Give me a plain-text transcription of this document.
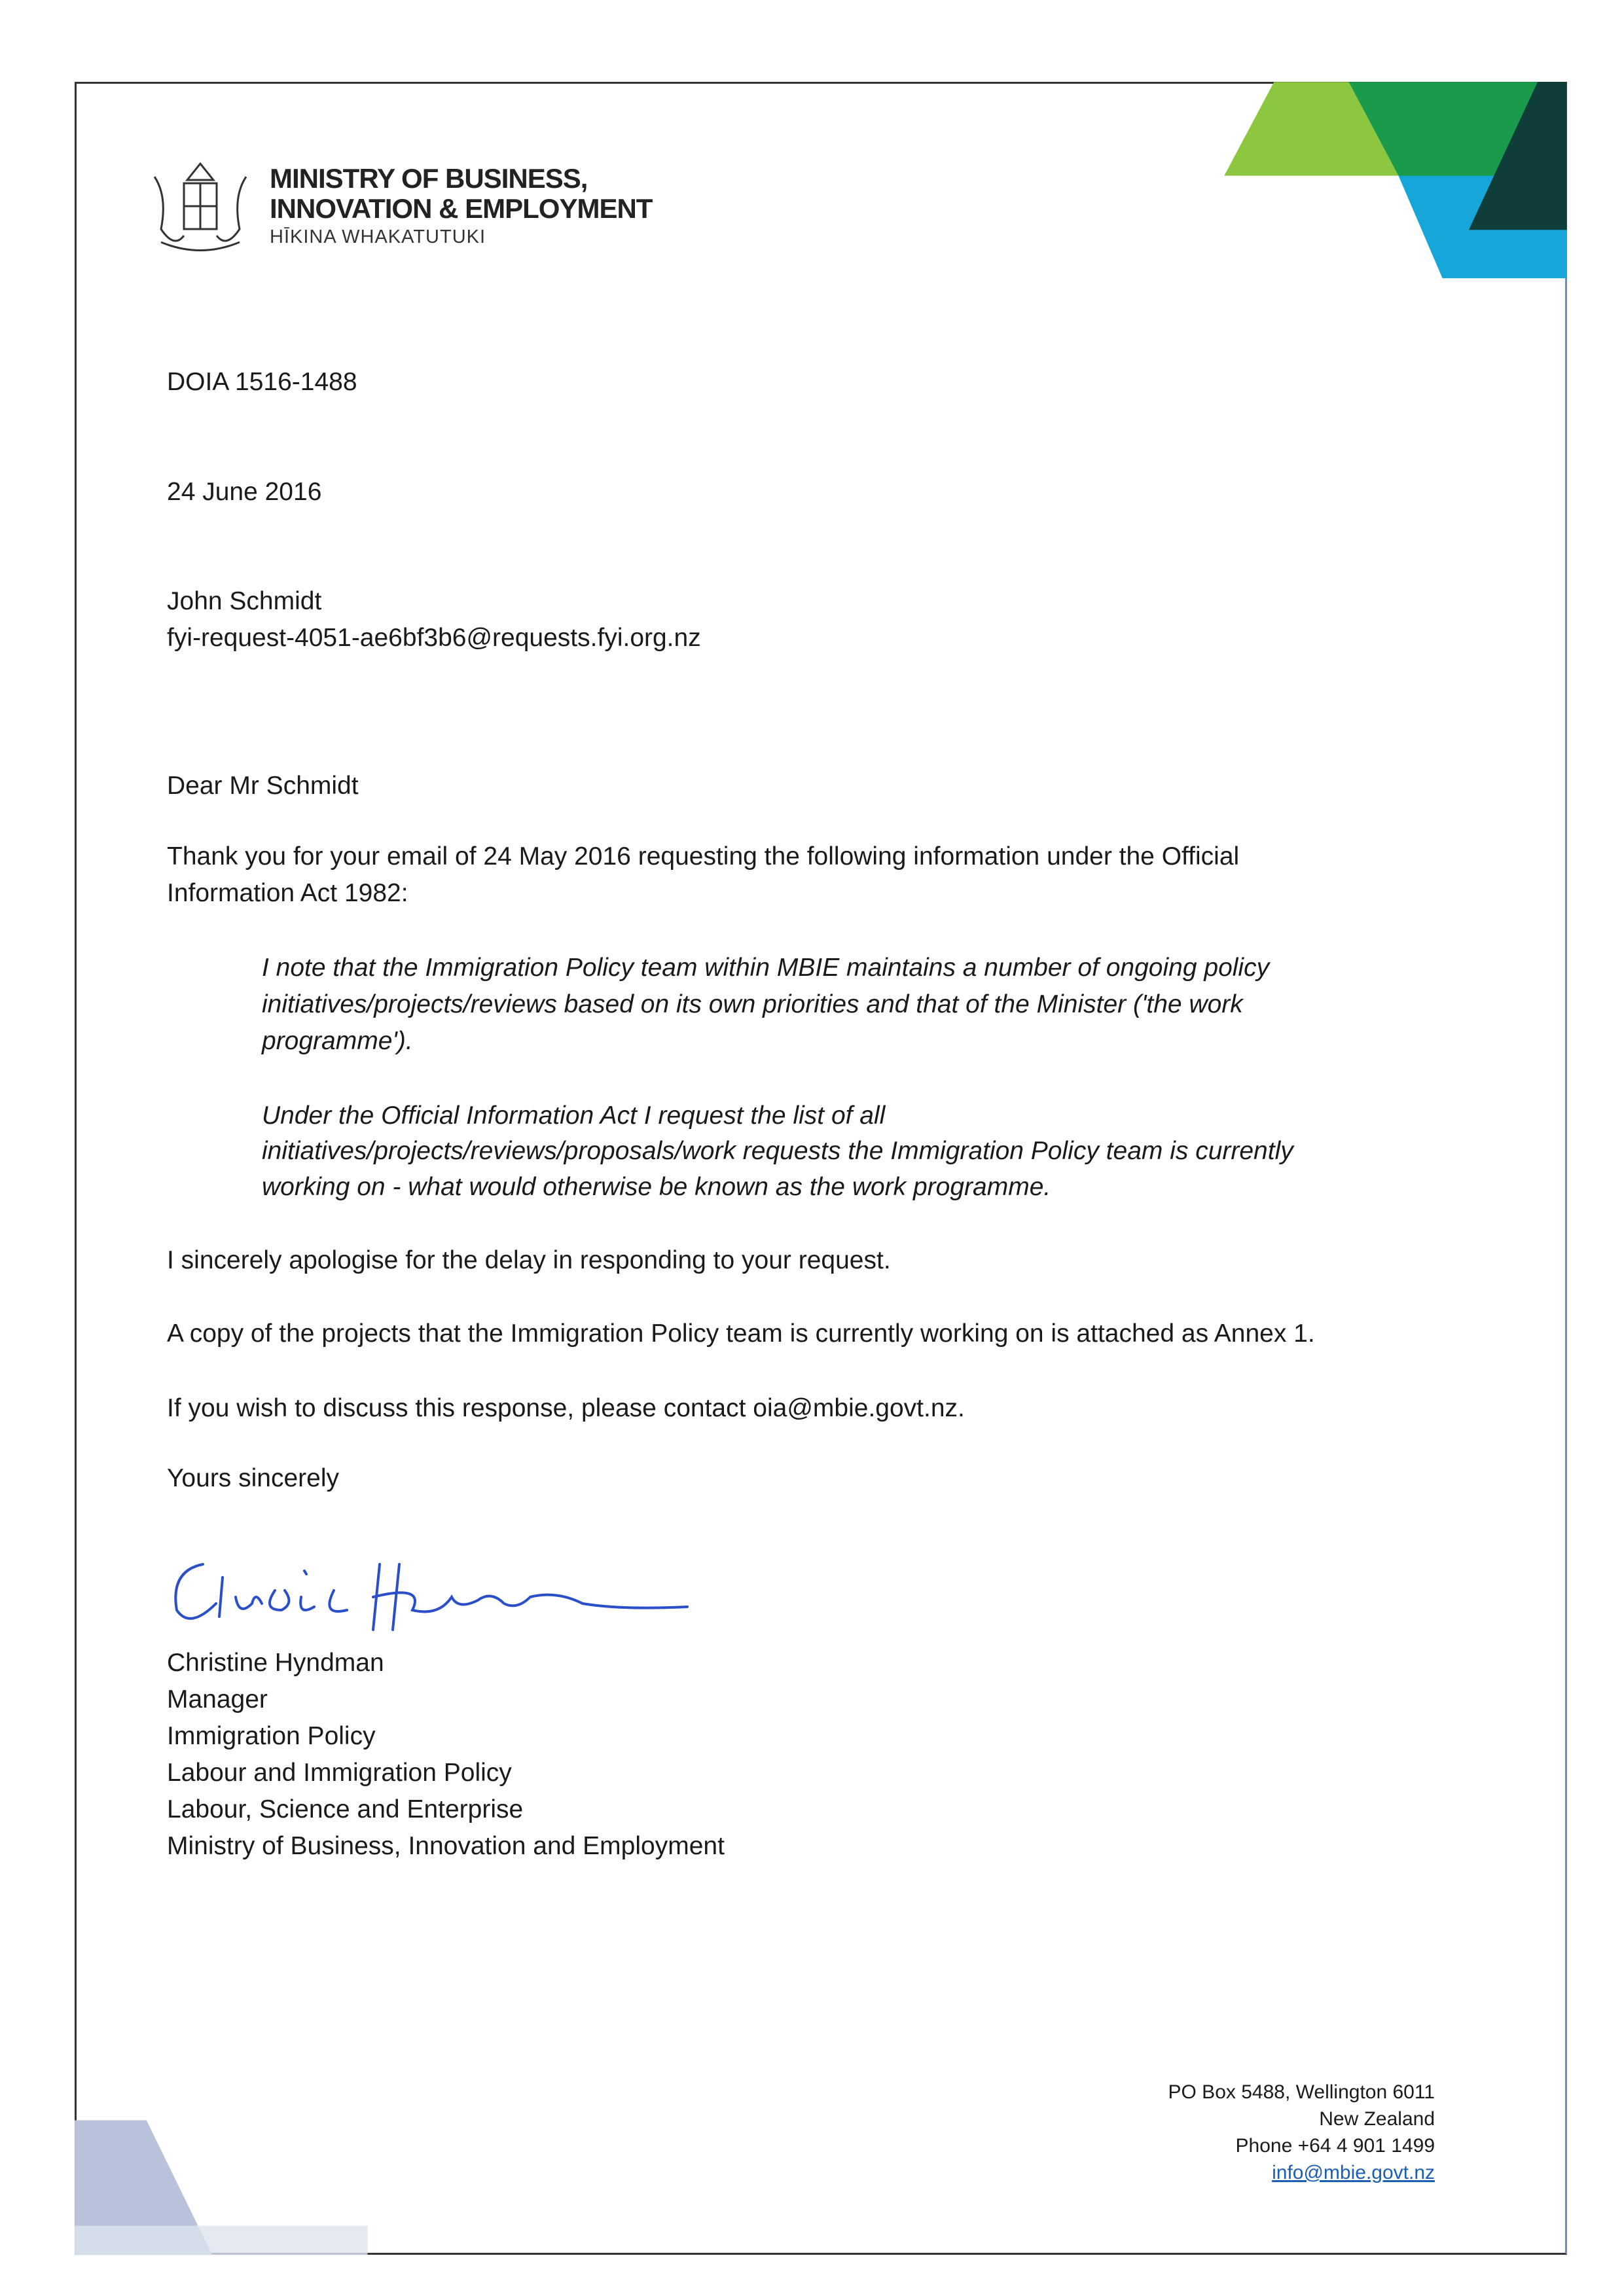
MINISTRY OF BUSINESS,
INNOVATION & EMPLOYMENT
HĪKINA WHAKATUTUKI
DOIA 1516-1488
24 June 2016
John Schmidt
fyi-request-4051-ae6bf3b6@requests.fyi.org.nz
Dear Mr Schmidt
Thank you for your email of 24 May 2016 requesting the following information under the Official
Information Act 1982:
I note that the Immigration Policy team within MBIE maintains a number of ongoing policy
initiatives/projects/reviews based on its own priorities and that of the Minister ('the work
programme').
Under the Official Information Act I request the list of all
initiatives/projects/reviews/proposals/work requests the Immigration Policy team is currently
working on - what would otherwise be known as the work programme.
I sincerely apologise for the delay in responding to your request.
A copy of the projects that the Immigration Policy team is currently working on is attached as Annex 1.
If you wish to discuss this response, please contact oia@mbie.govt.nz.
Yours sincerely
Christine Hyndman
Manager
Immigration Policy
Labour and Immigration Policy
Labour, Science and Enterprise
Ministry of Business, Innovation and Employment
PO Box 5488, Wellington 6011
New Zealand
Phone +64 4 901 1499
info@mbie.govt.nz
